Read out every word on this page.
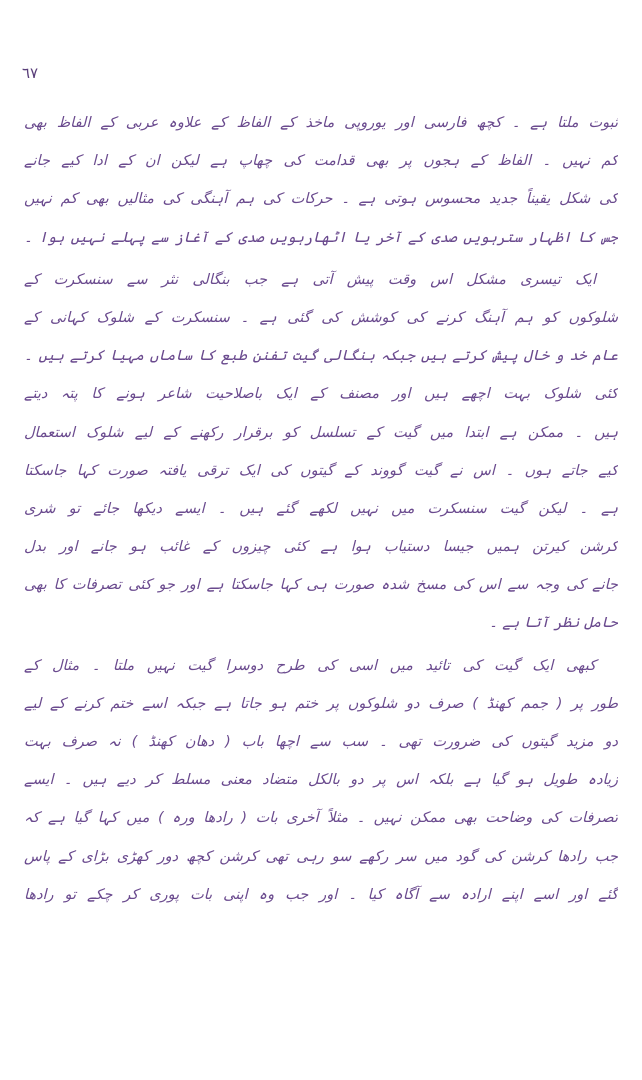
٦٧
ثبوت ملتا ہے ۔ کچھ فارسی اور یوروپی ماخذ کے الفاظ کے علاوہ عربی کے الفاظ بھی
کم نہیں ۔ الفاظ کے ہجوں پر بھی قدامت کی چھاپ ہے لیکن ان کے ادا کیے جانے
کی شکل یقیناً جدید محسوس ہوتی ہے ۔ حرکات کی ہم آہنگی کی مثالیں بھی کم نہیں
جس کا اظہار سترہویں صدی کے آخر یا اٹھارہویں صدی کے آغاز سے پہلے نہیں ہوا ۔
ایک تیسری مشکل اس وقت پیش آتی ہے جب بنگالی نثر سے سنسکرت کے
شلوکوں کو ہم آہنگ کرنے کی کوشش کی گئی ہے ۔ سنسکرت کے شلوک کہانی کے
عام خد و خال پیش کرتے ہیں جبکہ بنگالی گیت تفنن طبع کا ساماں مہیا کرتے ہیں ۔
کئی شلوک بہت اچھے ہیں اور مصنف کے ایک باصلاحیت شاعر ہونے کا پتہ دیتے
ہیں ۔ ممکن ہے ابتدا میں گیت کے تسلسل کو برقرار رکھنے کے لیے شلوک استعمال
کیے جاتے ہوں ۔ اس نے گیت گووند کے گیتوں کی ایک ترقی یافتہ صورت کہا جاسکتا
ہے ۔ لیکن گیت سنسکرت میں نہیں لکھے گئے ہیں ۔ ایسے دیکھا جائے تو شری
کرشن کیرتن ہمیں جیسا دستیاب ہوا ہے کئی چیزوں کے غائب ہو جانے اور بدل
جانے کی وجہ سے اس کی مسخ شدہ صورت ہی کہا جاسکتا ہے اور جو کئی تصرفات کا بھی
حامل نظر آتا ہے ۔
کبھی ایک گیت کی تائید میں اسی کی طرح دوسرا گیت نہیں ملتا ۔ مثال کے
طور پر ( جمم کھنڈ ) صرف دو شلوکوں پر ختم ہو جاتا ہے جبکہ اسے ختم کرنے کے لیے
دو مزید گیتوں کی ضرورت تھی ۔ سب سے اچھا باب ( دھان کھنڈ ) نہ صرف بہت
زیادہ طویل ہو گیا ہے بلکہ اس پر دو بالکل متضاد معنی مسلط کر دیے ہیں ۔ ایسے
تصرفات کی وضاحت بھی ممکن نہیں ۔ مثلاً آخری بات ( رادھا ورہ ) میں کہا گیا ہے کہ
جب رادھا کرشن کی گود میں سر رکھے سو رہی تھی کرشن کچھ دور کھڑی بڑای کے پاس
گئے اور اسے اپنے ارادہ سے آگاہ کیا ۔ اور جب وہ اپنی بات پوری کر چکے تو رادھا
